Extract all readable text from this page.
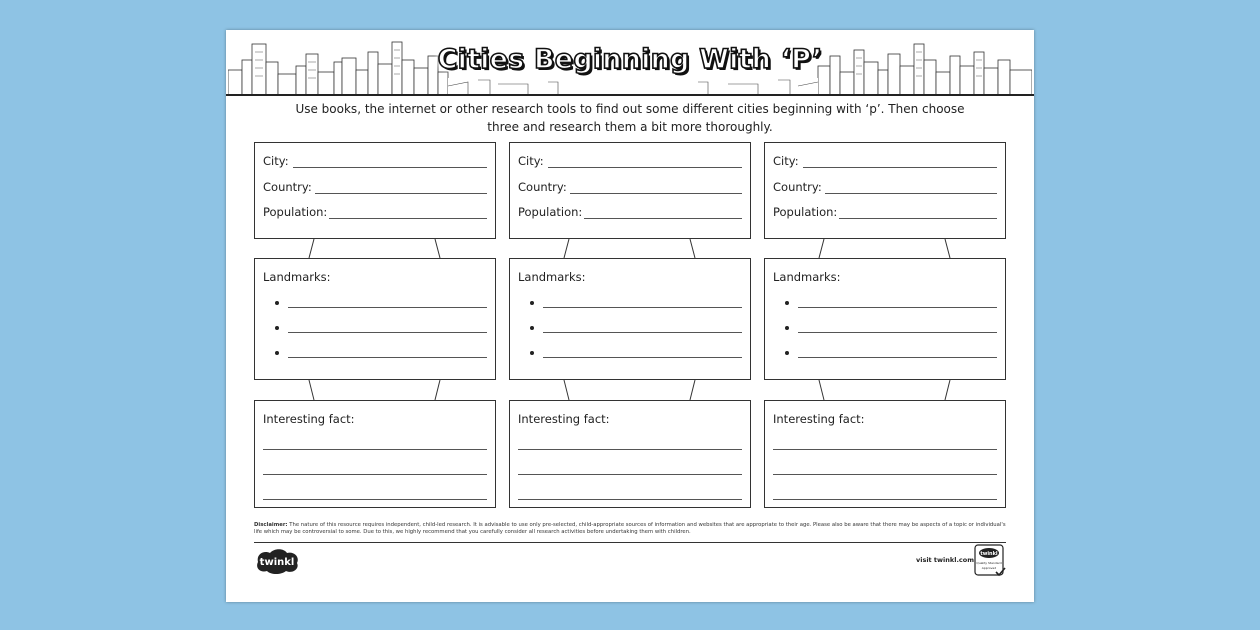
Cities Beginning With ‘P’
Use books, the internet or other research tools to find out some different cities beginning with ‘p’. Then choose
three and research them a bit more thoroughly.
City:
Country:
Population:
Landmarks:
Interesting fact:
City:
Country:
Population:
Landmarks:
Interesting fact:
City:
Country:
Population:
Landmarks:
Interesting fact:
Disclaimer: The nature of this resource requires independent, child-led research. It is advisable to use only pre-selected, child-appropriate sources of information and websites that are appropriate to their age. Please also be aware that there may be aspects of a topic or individual's life which may be controversial to some. Due to this, we highly recommend that you carefully consider all research activities before undertaking them with children.
twinkl	visit twinkl.com
twinkl
Quality Standard
Approved
